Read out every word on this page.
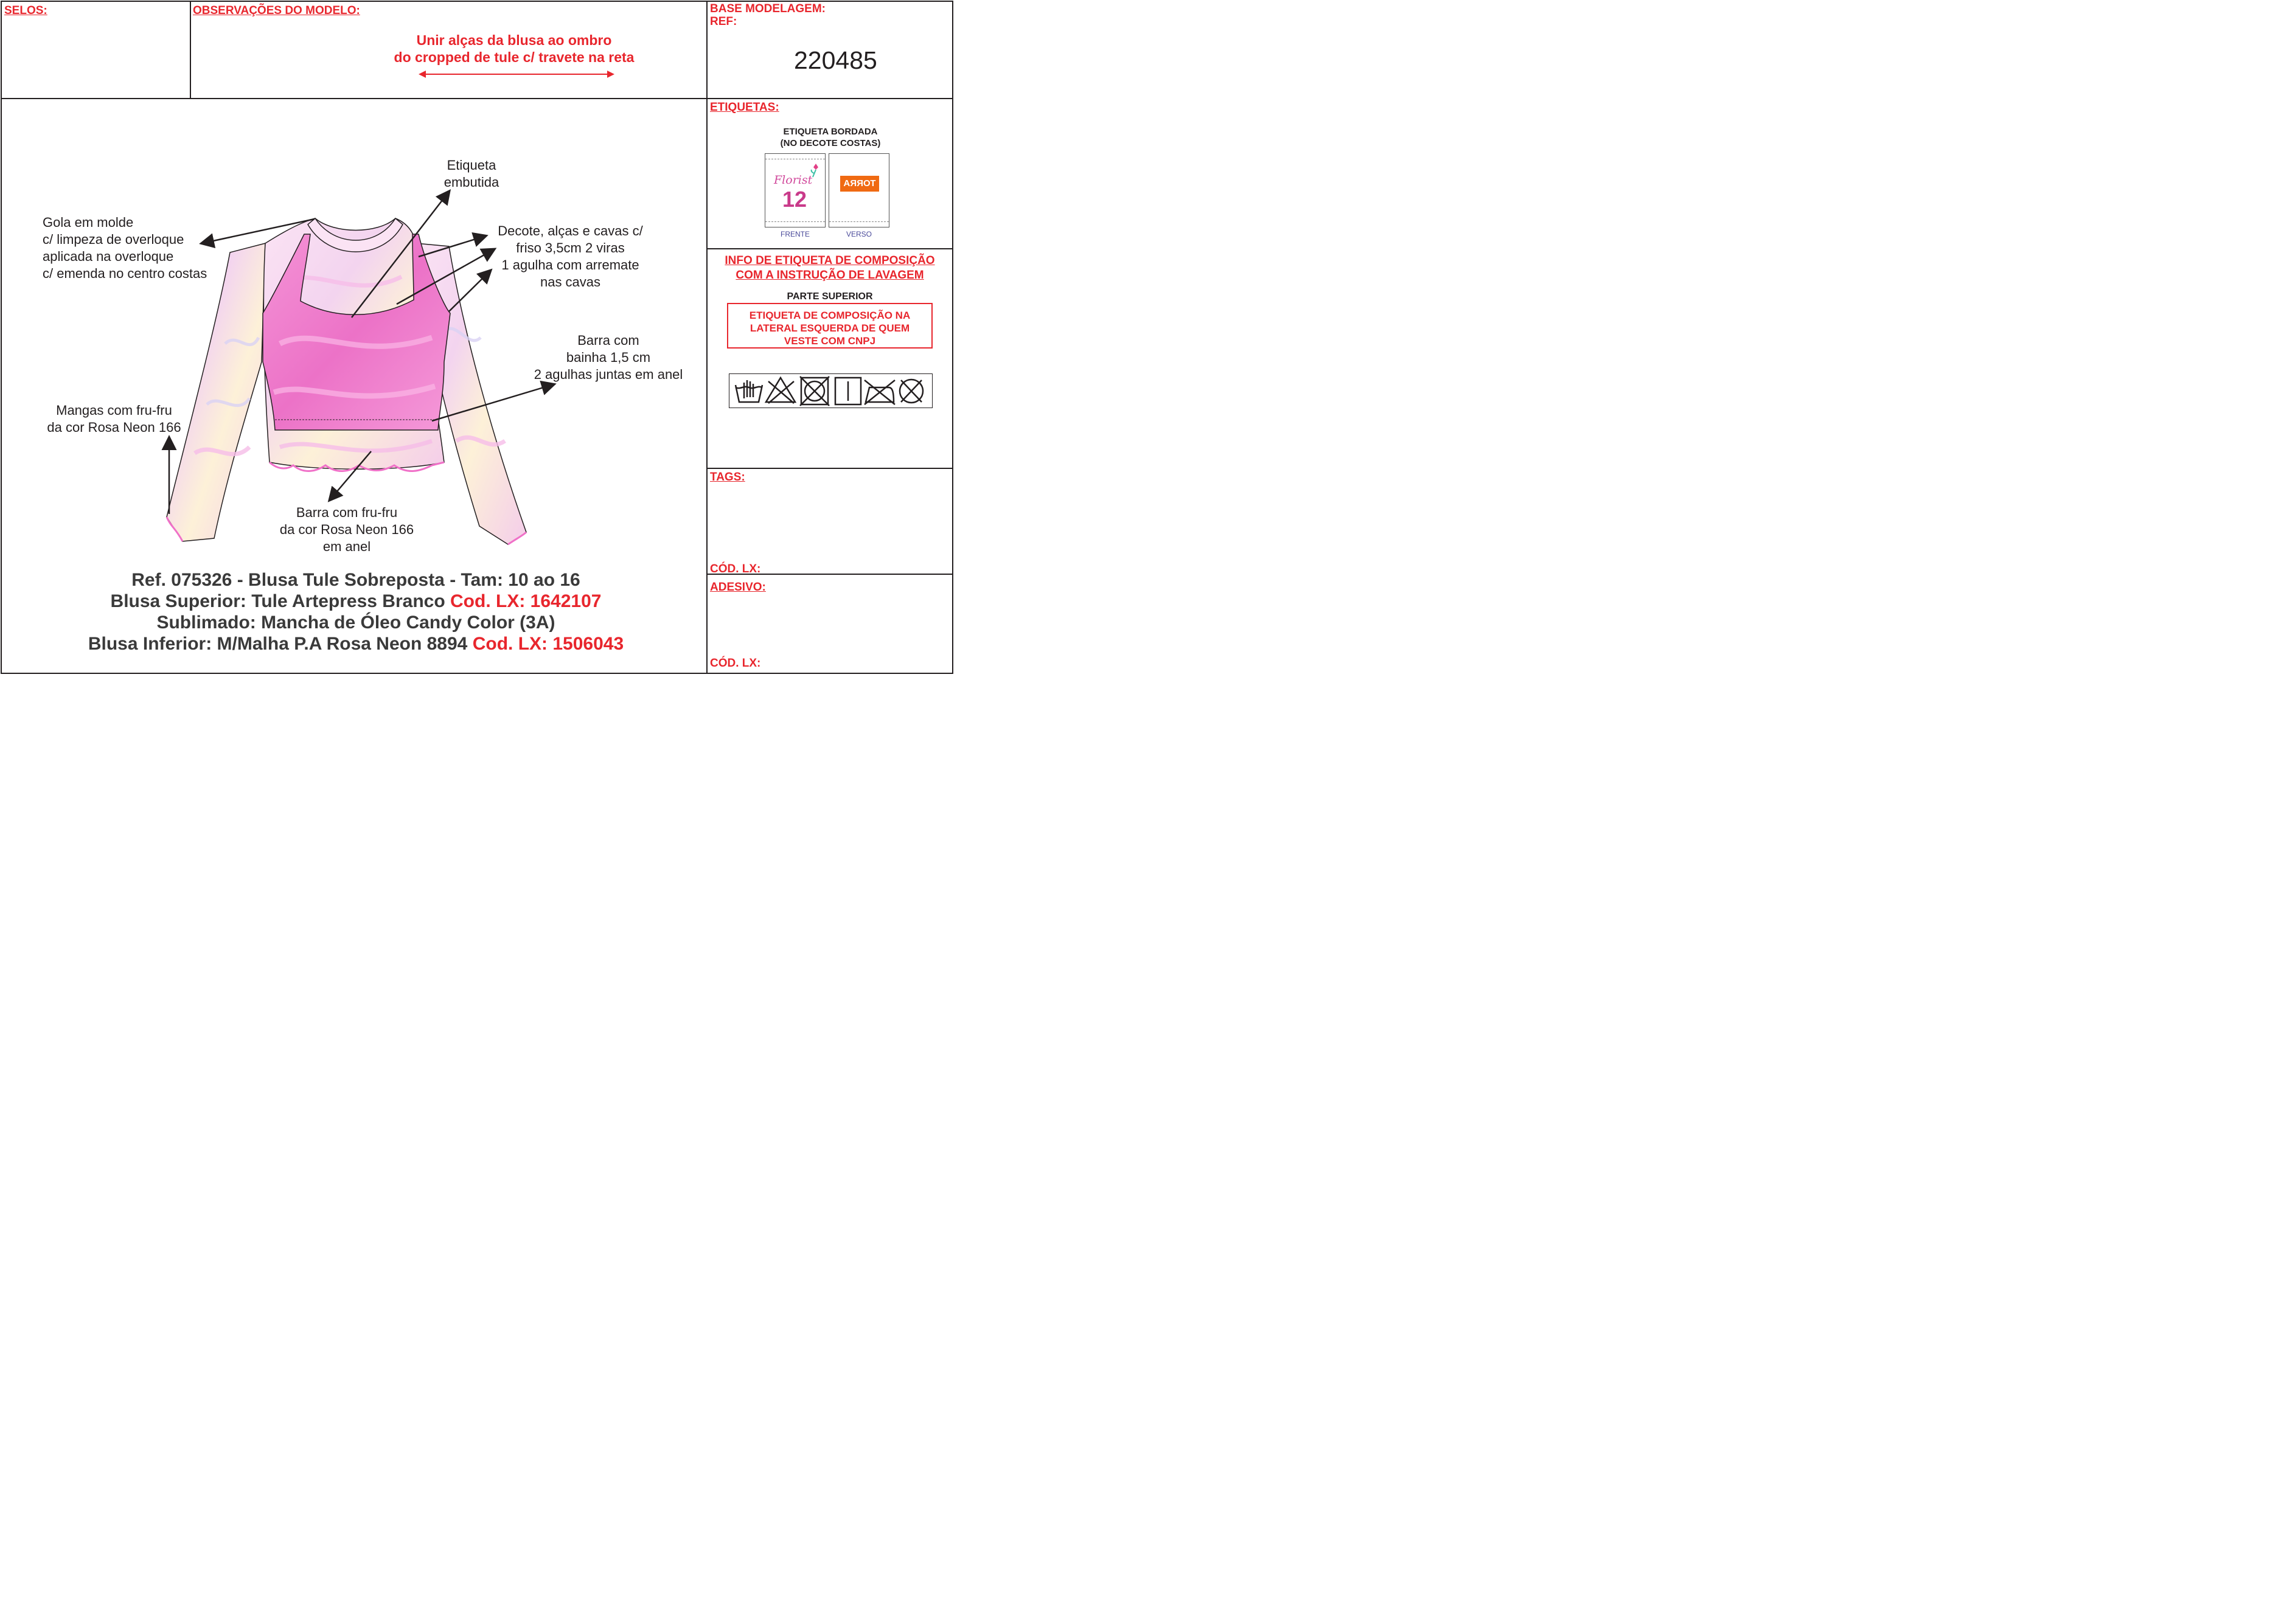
SELOS:	OBSERVAÇÕES DO MODELO:
Unir alças da blusa ao ombro
do cropped de tule c/ travete na reta
BASE MODELAGEM:
REF:
220485
Etiqueta
embutida
Gola em molde
c/ limpeza de overloque
aplicada na overloque
c/ emenda no centro costas
Decote, alças e cavas c/
friso 3,5cm 2 viras
1 agulha com arremate
nas cavas
Barra com
bainha 1,5 cm
2 agulhas juntas em anel
Mangas com fru-fru
da cor Rosa Neon 166
Barra com fru-fru
da cor Rosa Neon 166
em anel
Ref. 075326 - Blusa Tule Sobreposta - Tam: 10 ao 16
Blusa Superior: Tule Artepress Branco Cod. LX: 1642107
Sublimado: Mancha de Óleo Candy Color (3A)
Blusa Inferior: M/Malha P.A Rosa Neon 8894 Cod. LX: 1506043
ETIQUETAS:
ETIQUETA BORDADA
(NO DECOTE COSTAS)
Florist
12
FRENTE
TORRA
VERSO
INFO DE ETIQUETA DE COMPOSIÇÃO
COM A INSTRUÇÃO DE LAVAGEM
PARTE SUPERIOR
ETIQUETA DE COMPOSIÇÃO NA
LATERAL ESQUERDA DE QUEM
VESTE COM CNPJ
TAGS:
CÓD. LX:
ADESIVO:
CÓD. LX:
